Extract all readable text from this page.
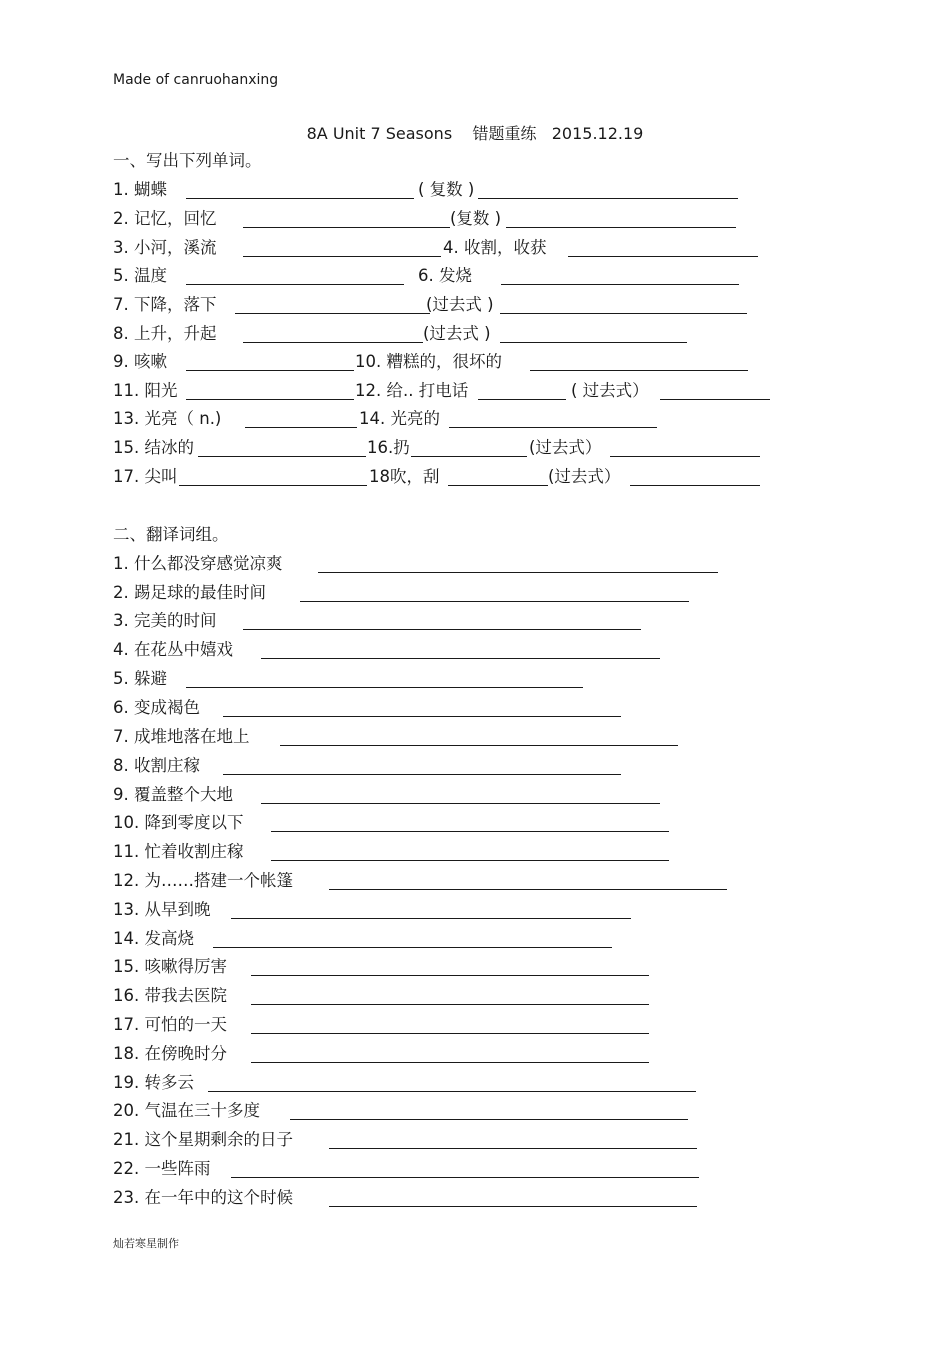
Made of canruohanxing
8A Unit 7 Seasons    错题重练   2015.12.19
一、写出下列单词。
1. 蝴蝶	( 复数 )
2. 记忆，回忆	(复数 )
3. 小河，溪流	4. 收割，收获
5. 温度	6. 发烧
7. 下降，落下	(过去式 )
8. 上升，升起	(过去式 )
9. 咳嗽	10. 糟糕的，很坏的
11. 阳光	12. 给.. 打电话	( 过去式）
13. 光亮（ n.)	14. 光亮的
15. 结冰的	16.扔	(过去式）
17. 尖叫	18吹，刮	(过去式）
二、翻译词组。
1. 什么都没穿感觉凉爽
2. 踢足球的最佳时间
3. 完美的时间
4. 在花丛中嬉戏
5. 躲避
6. 变成褐色
7. 成堆地落在地上
8. 收割庄稼
9. 覆盖整个大地
10. 降到零度以下
11. 忙着收割庄稼
12. 为……搭建一个帐篷
13. 从早到晚
14. 发高烧
15. 咳嗽得厉害
16. 带我去医院
17. 可怕的一天
18. 在傍晚时分
19. 转多云
20. 气温在三十多度
21. 这个星期剩余的日子
22. 一些阵雨
23. 在一年中的这个时候
灿若寒星制作
